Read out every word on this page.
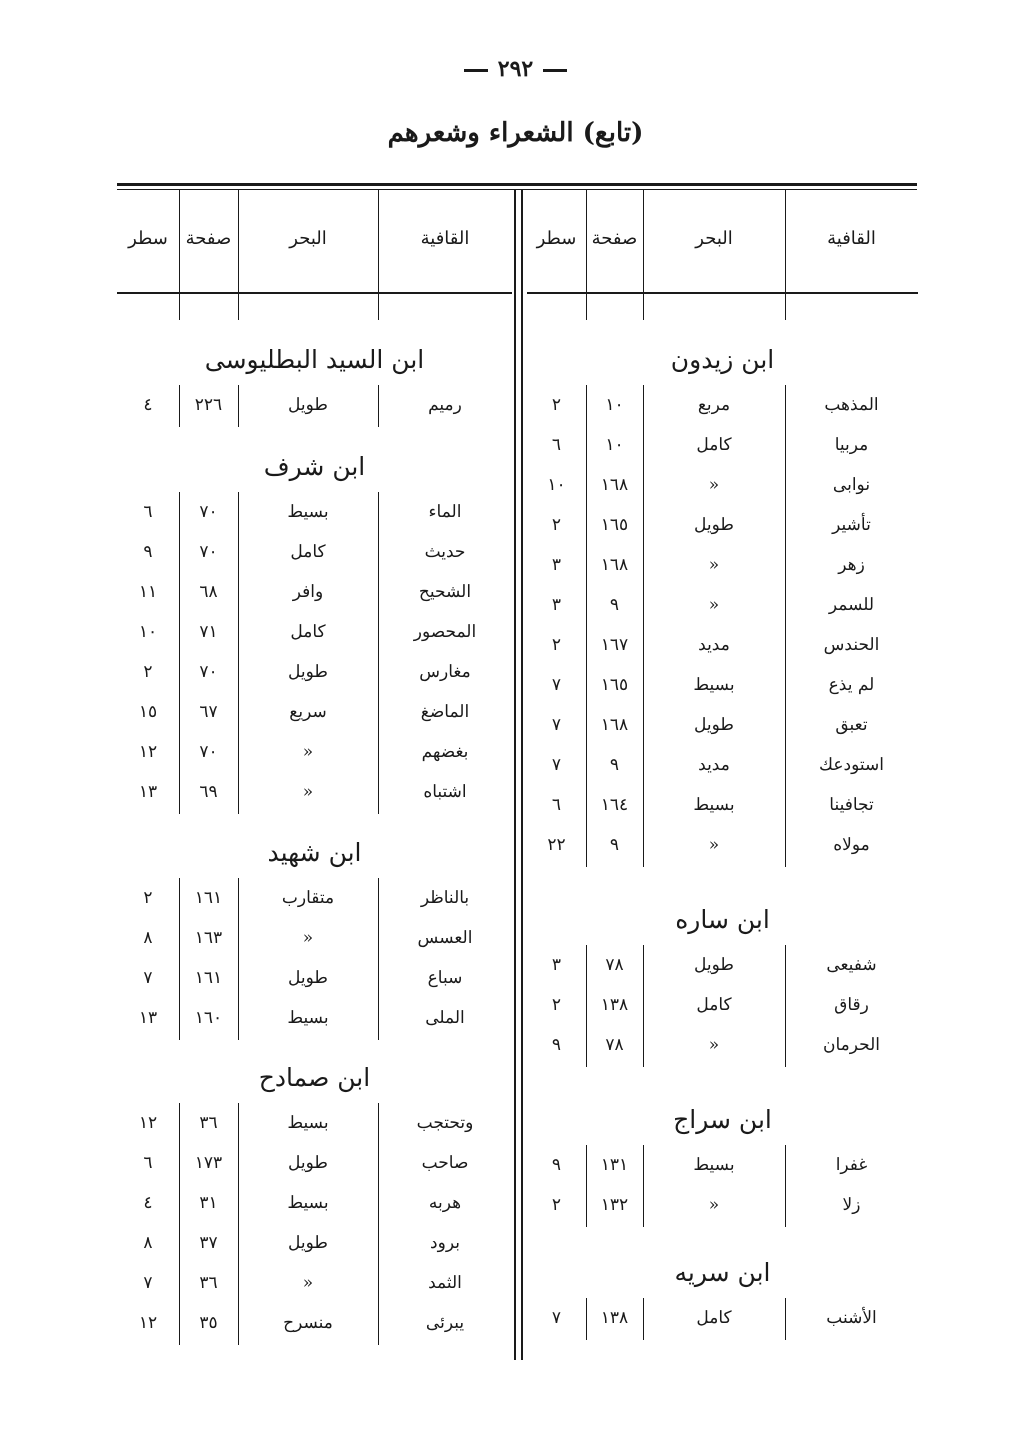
٢٩٢
(تابع) الشعراء وشعرهم
القافية
البحر
صفحة
سطر
القافية
البحر
صفحة
سطر
ابن زيدون
المذهب
مربع
١٠
٢
مربيا
كامل
١٠
٦
نوابى
«
١٦٨
١٠
تأشير
طويل
١٦٥
٢
زهر
«
١٦٨
٣
للسمر
«
٩
٣
الحندس
مديد
١٦٧
٢
لم يذع
بسيط
١٦٥
٧
تعبق
طويل
١٦٨
٧
استودعك
مديد
٩
٧
تجافينا
بسيط
١٦٤
٦
مولاه
«
٩
٢٢
ابن ساره
شفيعى
طويل
٧٨
٣
رقاق
كامل
١٣٨
٢
الحرمان
«
٧٨
٩
ابن سراج
غفرا
بسيط
١٣١
٩
زلا
«
١٣٢
٢
ابن سريه
الأشنب
كامل
١٣٨
٧
ابن السيد البطليوسى
رميم
طويل
٢٢٦
٤
ابن شرف
الماء
بسيط
٧٠
٦
حديث
كامل
٧٠
٩
الشحيح
وافر
٦٨
١١
المحصور
كامل
٧١
١٠
مغارس
طويل
٧٠
٢
الماضغ
سريع
٦٧
١٥
بغضهم
«
٧٠
١٢
اشتباه
«
٦٩
١٣
ابن شهيد
بالناظر
متقارب
١٦١
٢
العسس
«
١٦٣
٨
سباع
طويل
١٦١
٧
الملى
بسيط
١٦٠
١٣
ابن صمادح
وتحتجب
بسيط
٣٦
١٢
صاحب
طويل
١٧٣
٦
هربه
بسيط
٣١
٤
برود
طويل
٣٧
٨
الثمد
«
٣٦
٧
يبرئى
منسرح
٣٥
١٢
